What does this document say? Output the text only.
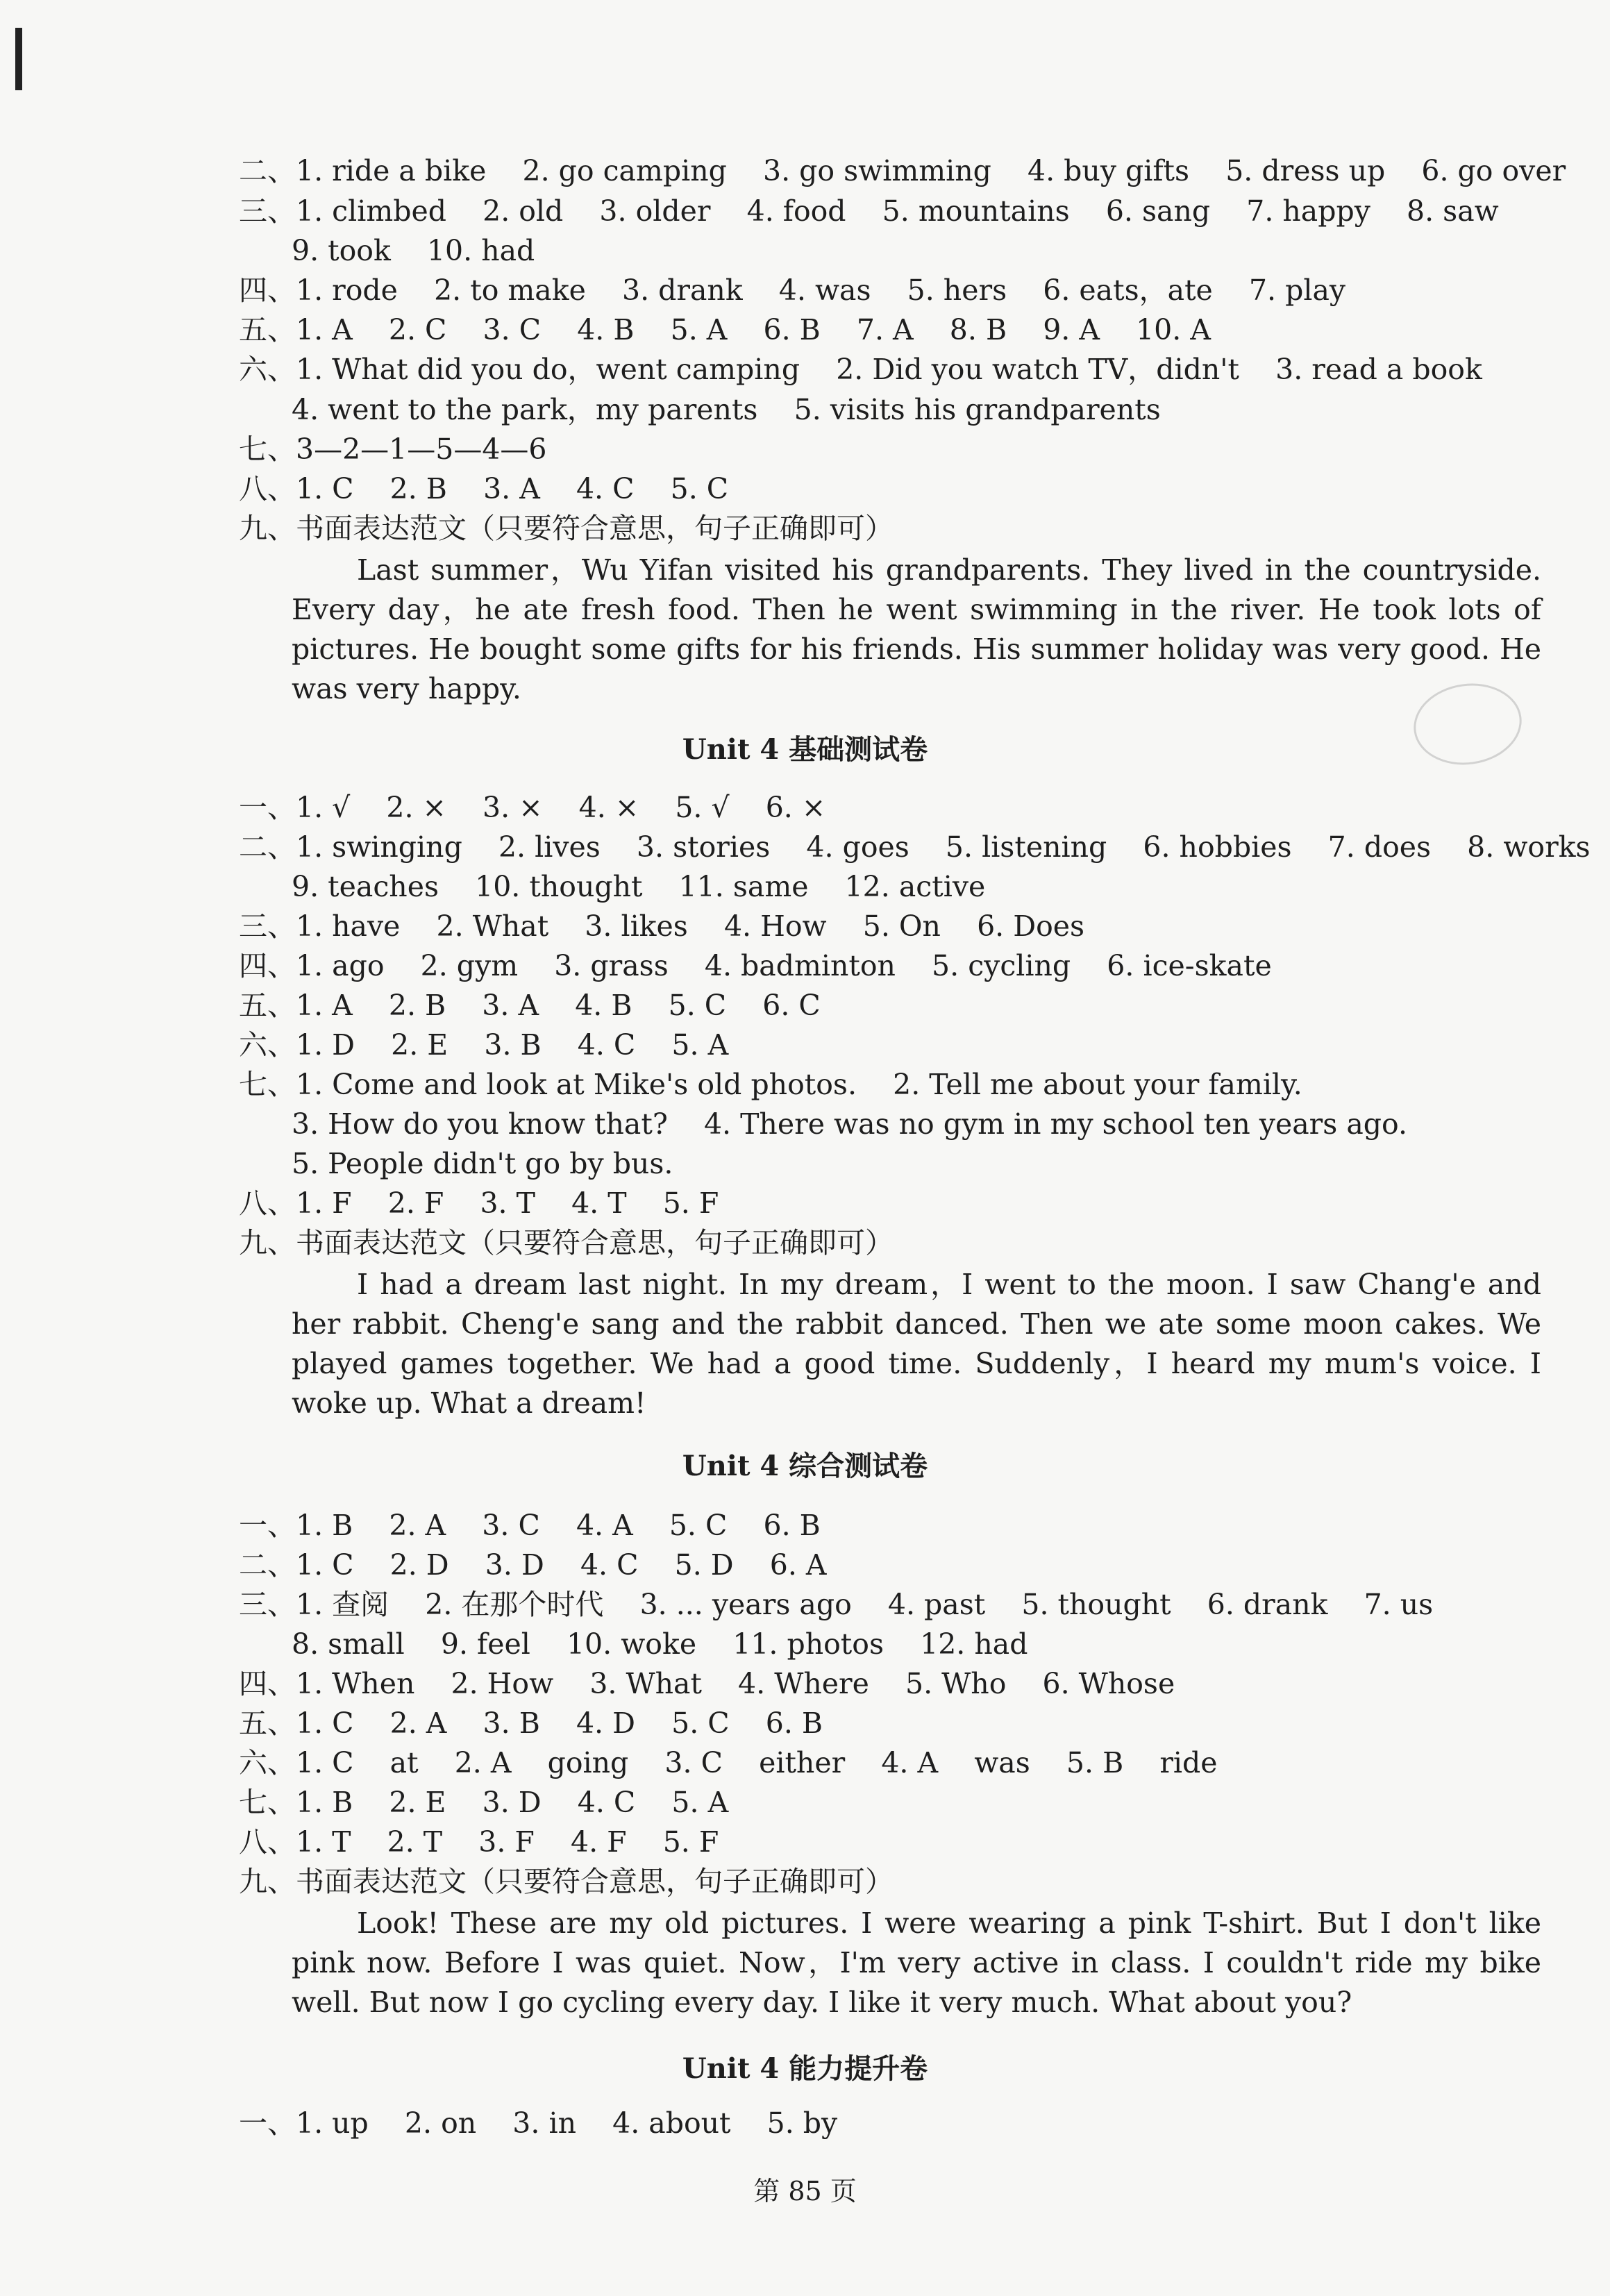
二、1. ride a bike    2. go camping    3. go swimming    4. buy gifts    5. dress up    6. go over
三、1. climbed    2. old    3. older    4. food    5. mountains    6. sang    7. happy    8. saw
9. took    10. had
四、1. rode    2. to make    3. drank    4. was    5. hers    6. eats，ate    7. play
五、1. A    2. C    3. C    4. B    5. A    6. B    7. A    8. B    9. A    10. A
六、1. What did you do，went camping    2. Did you watch TV，didn't    3. read a book
4. went to the park，my parents    5. visits his grandparents
七、3—2—1—5—4—6
八、1. C    2. B    3. A    4. C    5. C
九、书面表达范文（只要符合意思，句子正确即可）
Last summer，Wu Yifan visited his grandparents. They lived in the countryside. Every day，he ate fresh food. Then he went swimming in the river. He took lots of pictures. He bought some gifts for his friends. His summer holiday was very good. He was very happy.
Unit 4 基础测试卷
一、1. √    2. ×    3. ×    4. ×    5. √    6. ×
二、1. swinging    2. lives    3. stories    4. goes    5. listening    6. hobbies    7. does    8. works
9. teaches    10. thought    11. same    12. active
三、1. have    2. What    3. likes    4. How    5. On    6. Does
四、1. ago    2. gym    3. grass    4. badminton    5. cycling    6. ice-skate
五、1. A    2. B    3. A    4. B    5. C    6. C
六、1. D    2. E    3. B    4. C    5. A
七、1. Come and look at Mike's old photos.    2. Tell me about your family.
3. How do you know that?    4. There was no gym in my school ten years ago.
5. People didn't go by bus.
八、1. F    2. F    3. T    4. T    5. F
九、书面表达范文（只要符合意思，句子正确即可）
I had a dream last night. In my dream，I went to the moon. I saw Chang'e and her rabbit. Cheng'e sang and the rabbit danced. Then we ate some moon cakes. We played games together. We had a good time. Suddenly，I heard my mum's voice. I woke up. What a dream!
Unit 4 综合测试卷
一、1. B    2. A    3. C    4. A    5. C    6. B
二、1. C    2. D    3. D    4. C    5. D    6. A
三、1. 查阅    2. 在那个时代    3. ... years ago    4. past    5. thought    6. drank    7. us
8. small    9. feel    10. woke    11. photos    12. had
四、1. When    2. How    3. What    4. Where    5. Who    6. Whose
五、1. C    2. A    3. B    4. D    5. C    6. B
六、1. C    at    2. A    going    3. C    either    4. A    was    5. B    ride
七、1. B    2. E    3. D    4. C    5. A
八、1. T    2. T    3. F    4. F    5. F
九、书面表达范文（只要符合意思，句子正确即可）
Look! These are my old pictures. I were wearing a pink T-shirt. But I don't like pink now. Before I was quiet. Now，I'm very active in class. I couldn't ride my bike well. But now I go cycling every day. I like it very much. What about you?
Unit 4 能力提升卷
一、1. up    2. on    3. in    4. about    5. by
第 85 页
